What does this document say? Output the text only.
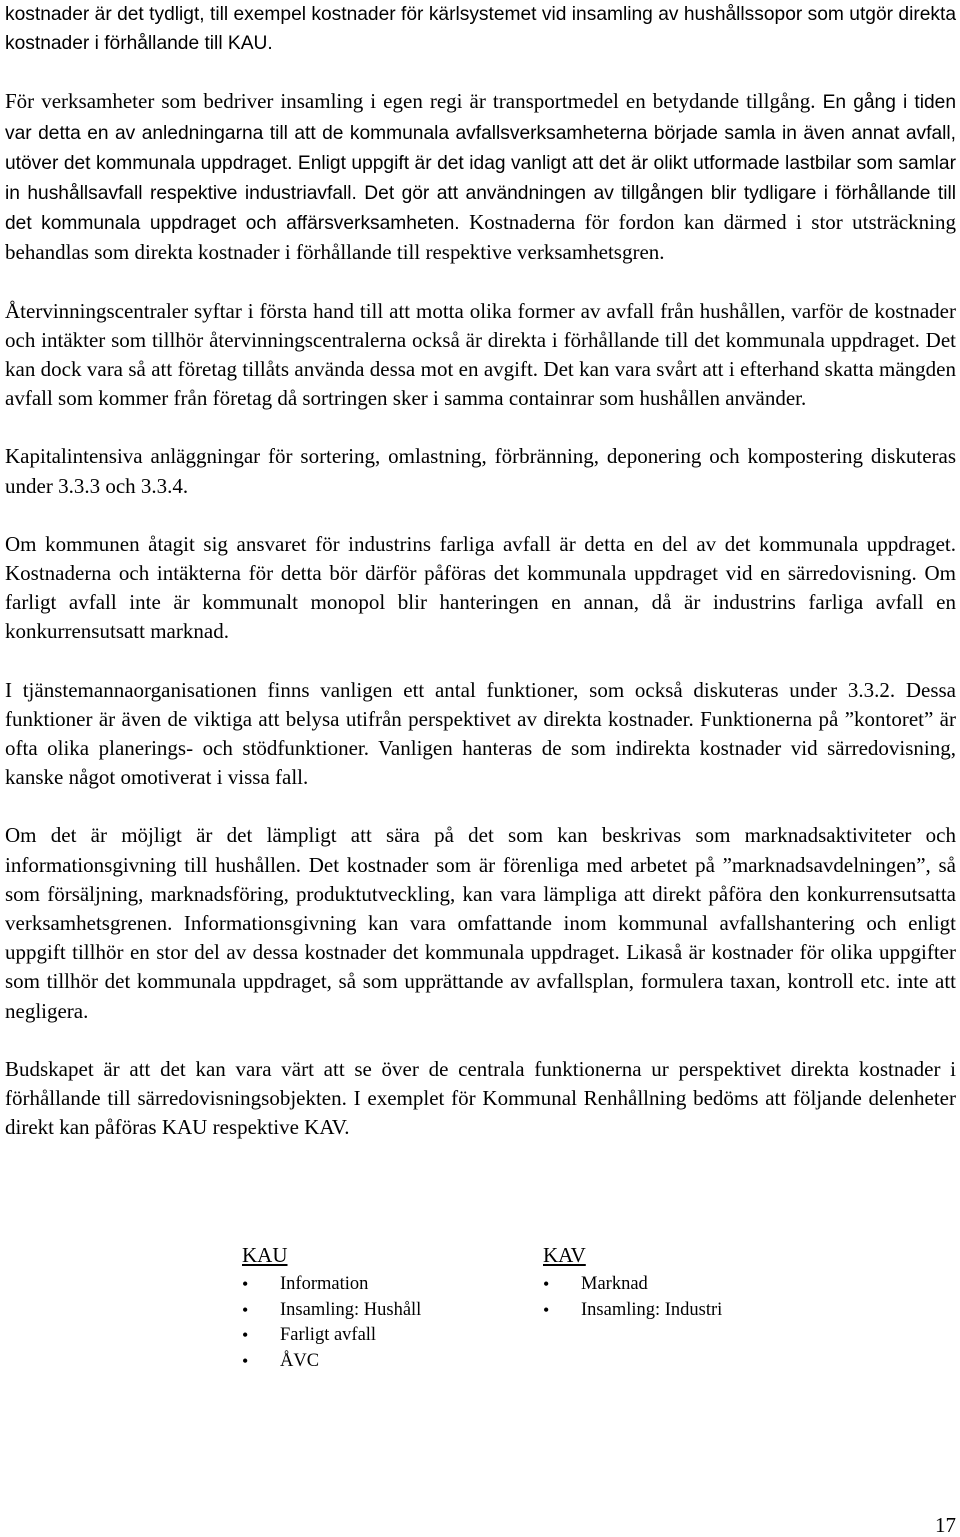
kostnader är det tydligt, till exempel kostnader för kärlsystemet vid insamling av hushållssopor som utgör direkta kostnader i förhållande till KAU.

För verksamheter som bedriver insamling i egen regi är transportmedel en betydande tillgång. En gång i tiden var detta en av anledningarna till att de kommunala avfallsverksamheterna började samla in även annat avfall, utöver det kommunala uppdraget. Enligt uppgift är det idag vanligt att det är olikt utformade lastbilar som samlar in hushållsavfall respektive industriavfall. Det gör att användningen av tillgången blir tydligare i förhållande till det kommunala uppdraget och affärsverksamheten. Kostnaderna för fordon kan därmed i stor utsträckning behandlas som direkta kostnader i förhållande till respektive verksamhetsgren.

Återvinningscentraler syftar i första hand till att motta olika former av avfall från hushållen, varför de kostnader och intäkter som tillhör återvinningscentralerna också är direkta i förhållande till det kommunala uppdraget. Det kan dock vara så att företag tillåts använda dessa mot en avgift. Det kan vara svårt att i efterhand skatta mängden avfall som kommer från företag då sortringen sker i samma containrar som hushållen använder.

Kapitalintensiva anläggningar för sortering, omlastning, förbränning, deponering och kompostering diskuteras under 3.3.3 och 3.3.4.

Om kommunen åtagit sig ansvaret för industrins farliga avfall är detta en del av det kommunala uppdraget. Kostnaderna och intäkterna för detta bör därför påföras det kommunala uppdraget vid en särredovisning. Om farligt avfall inte är kommunalt monopol blir hanteringen en annan, då är industrins farliga avfall en konkurrensutsatt marknad.

I tjänstemannaorganisationen finns vanligen ett antal funktioner, som också diskuteras under 3.3.2. Dessa funktioner är även de viktiga att belysa utifrån perspektivet av direkta kostnader. Funktionerna på ”kontoret” är ofta olika planerings- och stödfunktioner. Vanligen hanteras de som indirekta kostnader vid särredovisning, kanske något omotiverat i vissa fall.

Om det är möjligt är det lämpligt att särа på det som kan beskrivas som marknadsaktiviteter och informationsgivning till hushållen. Det kostnader som är förenliga med arbetet på ”marknadsavdelningen”, så som försäljning, marknadsföring, produktutveckling, kan vara lämpliga att direkt påföra den konkurrensutsatta verksamhetsgrenen. Informationsgivning kan vara omfattande inom kommunal avfallshantering och enligt uppgift tillhör en stor del av dessa kostnader det kommunala uppdraget. Likaså är kostnader för olika uppgifter som tillhör det kommunala uppdraget, så som upprättande av avfallsplan, formulera taxan, kontroll etc. inte att negligera.

Budskapet är att det kan vara värt att se över de centrala funktionerna ur perspektivet direkta kostnader i förhållande till särredovisningsobjekten. I exemplet för Kommunal Renhållning bedöms att följande delenheter direkt kan påföras KAU respektive KAV.

KAU
• Information
• Insamling: Hushåll
• Farligt avfall
• ÅVC
KAV
• Marknad
• Insamling: Industri
17
